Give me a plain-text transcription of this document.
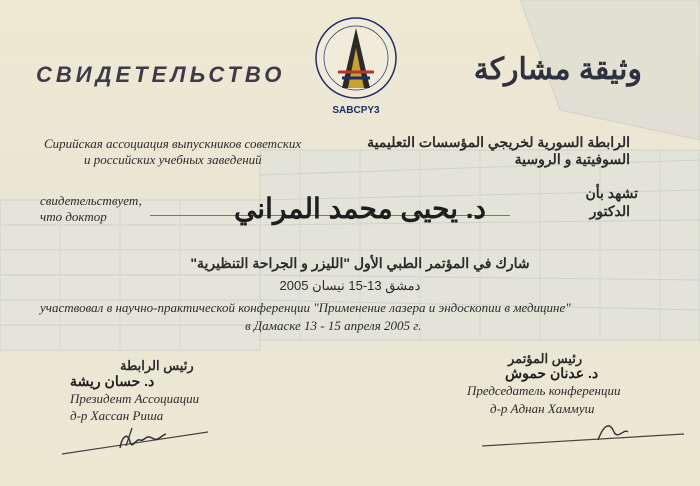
СВИДЕТЕЛЬСТВО	وثيقة مشاركة
SABCPY3
Сирийская ассоциация выпускников советских
и российских учебных заведений
الرابطة السورية لخريجي المؤسسات التعليمية
السوفيتية و الروسية
свидетельствует,
что доктор
تشهد بأن
الدكتور
د. يحيى محمد المراني
شارك في المؤتمر الطبي الأول "الليزر و الجراحة التنظيرية"
دمشق 13-15 نيسان 2005
участвовал в научно-практической конференции "Применение лазера и эндоскопии в медицине"
в Дамаске 13 - 15 апреля 2005 г.
رئيس الرابطة
د. حسان ريشة
Президент Ассоциации
д-р Хассан Риша
رئيس المؤتمر
د. عدنان حموش
Председатель конференции
д-р Аднан Хаммуш
